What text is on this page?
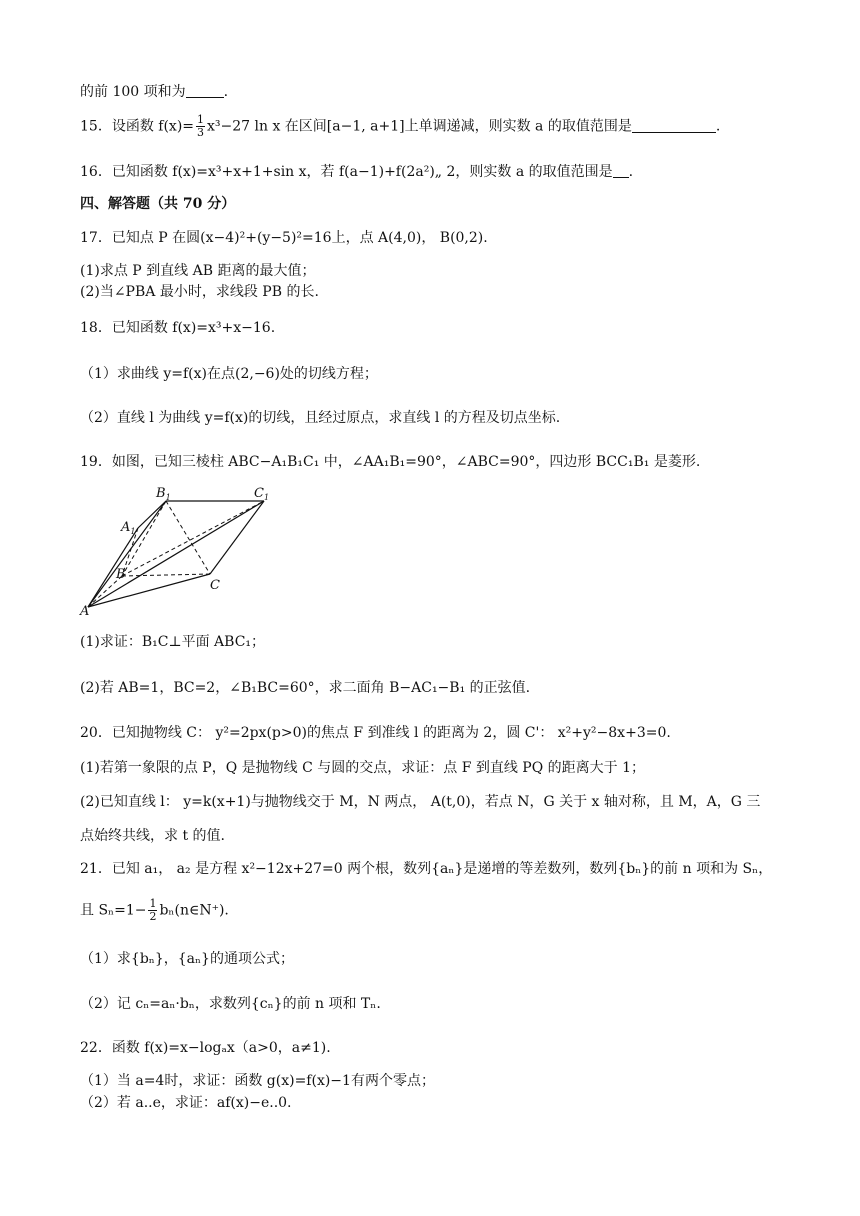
的前 100 项和为	.
15．设函数 $f(x)= \frac{1}{3} x^3-27$ ln x 在区间[a−1, a+1]上单调递减，则实数 a 的取值范围是	.
16．已知函数 f(x)=x³+x+1+sin x，若 f(a−1)+f(2a²)„ 2，则实数 a 的取值范围是 .
四、解答题（共 70 分）
17．已知点 P 在圆(x−4)²+(y−5)²=16上，点 A(4,0)， B(0,2).
(1)求点 P 到直线 AB 距离的最大值；
(2)当∠PBA 最小时，求线段 PB 的长.
18．已知函数 f(x)=x³+x−16.
（1）求曲线 y=f(x)在点(2,−6)处的切线方程；
（2）直线 l 为曲线 y=f(x)的切线，且经过原点，求直线 l 的方程及切点坐标.
19．如图，已知三棱柱 ABC−A₁B₁C₁ 中，∠AA₁B₁=90°，∠ABC=90°，四边形 BCC₁B₁ 是菱形.
$B_1$	$C_1$
$A_1$
B
C
A
(1)求证：B₁C⊥平面 ABC₁；
(2)若 AB=1，BC=2，∠B₁BC=60°，求二面角 B−AC₁−B₁ 的正弦值.
20．已知抛物线 C： y²=2px(p>0)的焦点 F 到准线 l 的距离为 2，圆 C'： x²+y²−8x+3=0.
(1)若第一象限的点 P，Q 是抛物线 C 与圆的交点，求证：点 F 到直线 PQ 的距离大于 1；
(2)已知直线 l： y=k(x+1)与抛物线交于 M，N 两点， A(t,0)，若点 N，G 关于 x 轴对称，且 M，A，G 三
点始终共线，求 t 的值.
21．已知 a₁， a₂ 是方程 x²−12x+27=0 两个根，数列{aₙ}是递增的等差数列，数列{bₙ}的前 n 项和为 Sₙ，
且 $S_n=1- \frac{1}{2}$ bₙ(n∈N⁺).
（1）求{bₙ}，{aₙ}的通项公式；
（2）记 cₙ=aₙ·bₙ，求数列{cₙ}的前 n 项和 Tₙ.
22．函数 f(x)=x−logₐx（a>0，a≠1).
（1）当 a=4时，求证：函数 g(x)=f(x)−1有两个零点；
（2）若 a..e，求证：af(x)−e..0.
